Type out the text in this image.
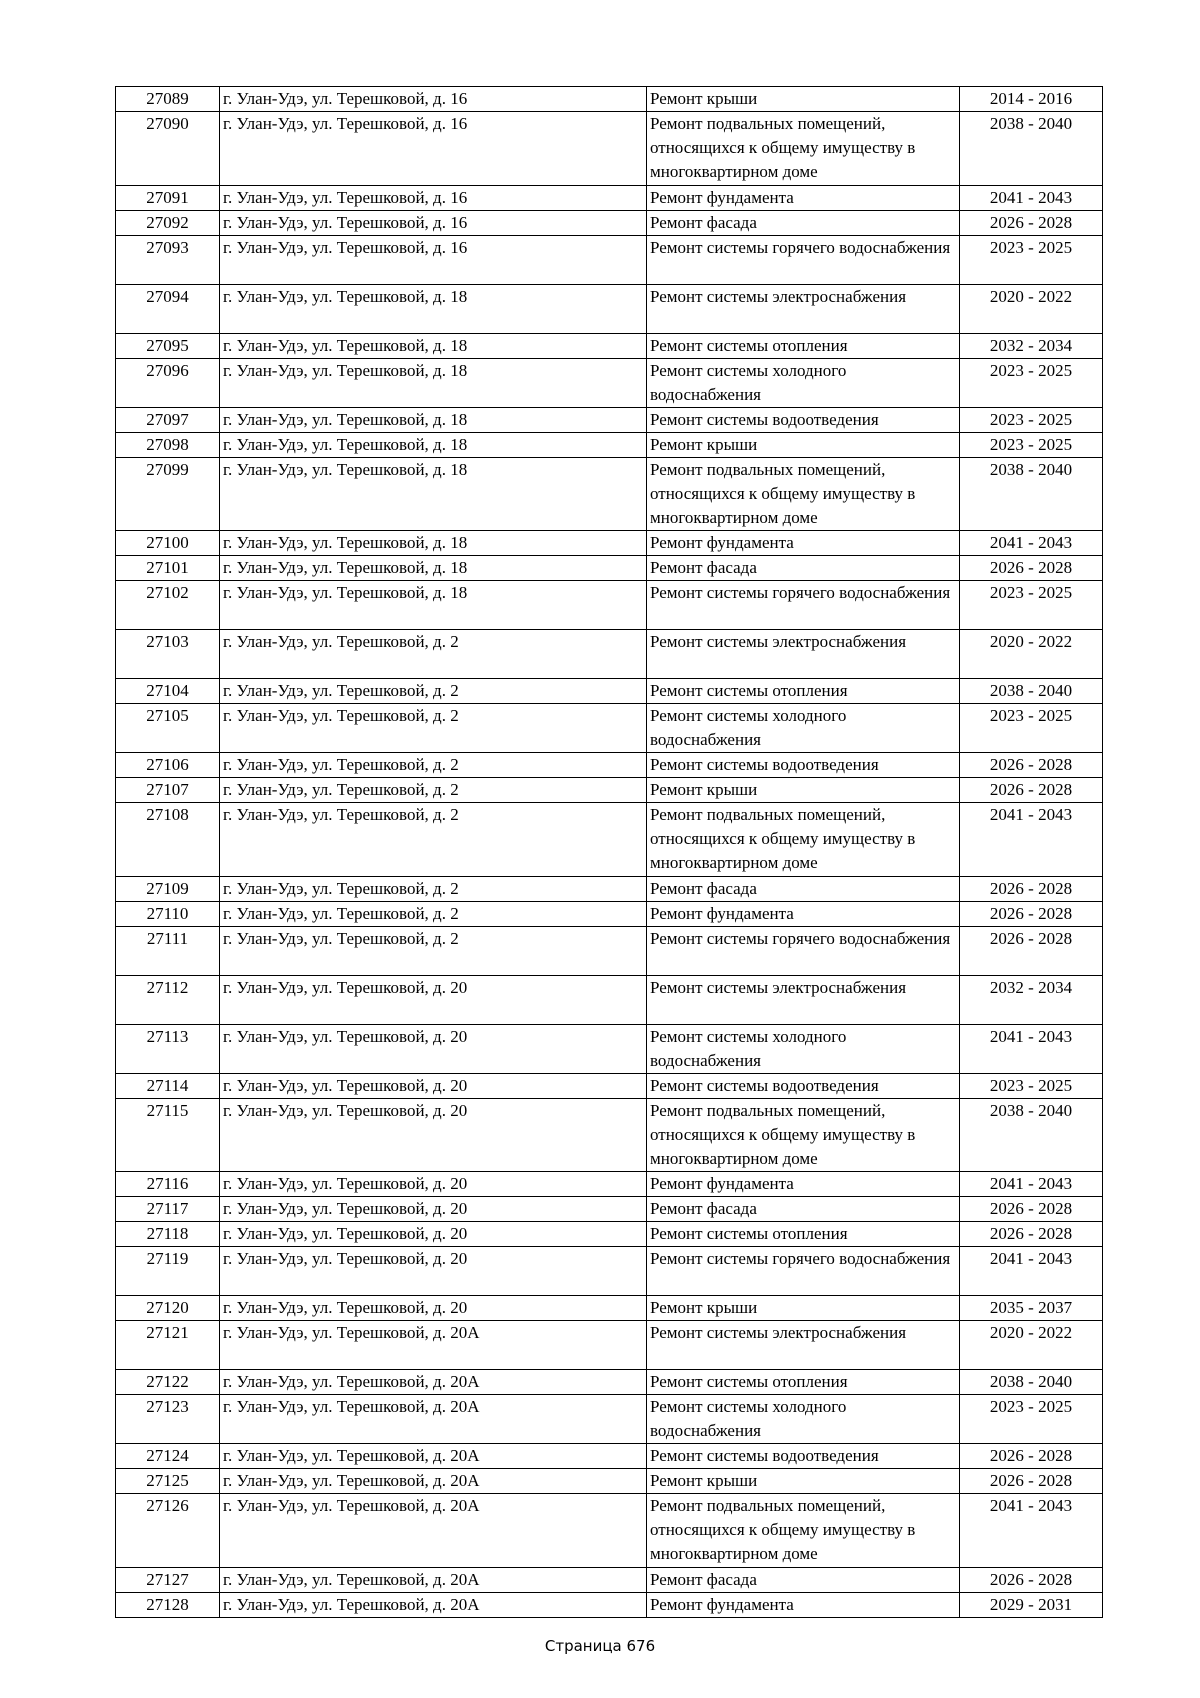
27089	г. Улан-Удэ, ул. Терешковой, д. 16	Ремонт крыши	2014 - 2016
27090	г. Улан-Удэ, ул. Терешковой, д. 16	Ремонт подвальных помещений, относящихся к общему имуществу в многоквартирном доме	2038 - 2040
27091	г. Улан-Удэ, ул. Терешковой, д. 16	Ремонт фундамента	2041 - 2043
27092	г. Улан-Удэ, ул. Терешковой, д. 16	Ремонт фасада	2026 - 2028
27093	г. Улан-Удэ, ул. Терешковой, д. 16	Ремонт системы горячего водоснабжения	2023 - 2025
27094	г. Улан-Удэ, ул. Терешковой, д. 18	Ремонт системы электроснабжения	2020 - 2022
27095	г. Улан-Удэ, ул. Терешковой, д. 18	Ремонт системы отопления	2032 - 2034
27096	г. Улан-Удэ, ул. Терешковой, д. 18	Ремонт системы холодного водоснабжения	2023 - 2025
27097	г. Улан-Удэ, ул. Терешковой, д. 18	Ремонт системы водоотведения	2023 - 2025
27098	г. Улан-Удэ, ул. Терешковой, д. 18	Ремонт крыши	2023 - 2025
27099	г. Улан-Удэ, ул. Терешковой, д. 18	Ремонт подвальных помещений, относящихся к общему имуществу в многоквартирном доме	2038 - 2040
27100	г. Улан-Удэ, ул. Терешковой, д. 18	Ремонт фундамента	2041 - 2043
27101	г. Улан-Удэ, ул. Терешковой, д. 18	Ремонт фасада	2026 - 2028
27102	г. Улан-Удэ, ул. Терешковой, д. 18	Ремонт системы горячего водоснабжения	2023 - 2025
27103	г. Улан-Удэ, ул. Терешковой, д. 2	Ремонт системы электроснабжения	2020 - 2022
27104	г. Улан-Удэ, ул. Терешковой, д. 2	Ремонт системы отопления	2038 - 2040
27105	г. Улан-Удэ, ул. Терешковой, д. 2	Ремонт системы холодного водоснабжения	2023 - 2025
27106	г. Улан-Удэ, ул. Терешковой, д. 2	Ремонт системы водоотведения	2026 - 2028
27107	г. Улан-Удэ, ул. Терешковой, д. 2	Ремонт крыши	2026 - 2028
27108	г. Улан-Удэ, ул. Терешковой, д. 2	Ремонт подвальных помещений, относящихся к общему имуществу в многоквартирном доме	2041 - 2043
27109	г. Улан-Удэ, ул. Терешковой, д. 2	Ремонт фасада	2026 - 2028
27110	г. Улан-Удэ, ул. Терешковой, д. 2	Ремонт фундамента	2026 - 2028
27111	г. Улан-Удэ, ул. Терешковой, д. 2	Ремонт системы горячего водоснабжения	2026 - 2028
27112	г. Улан-Удэ, ул. Терешковой, д. 20	Ремонт системы электроснабжения	2032 - 2034
27113	г. Улан-Удэ, ул. Терешковой, д. 20	Ремонт системы холодного водоснабжения	2041 - 2043
27114	г. Улан-Удэ, ул. Терешковой, д. 20	Ремонт системы водоотведения	2023 - 2025
27115	г. Улан-Удэ, ул. Терешковой, д. 20	Ремонт подвальных помещений, относящихся к общему имуществу в многоквартирном доме	2038 - 2040
27116	г. Улан-Удэ, ул. Терешковой, д. 20	Ремонт фундамента	2041 - 2043
27117	г. Улан-Удэ, ул. Терешковой, д. 20	Ремонт фасада	2026 - 2028
27118	г. Улан-Удэ, ул. Терешковой, д. 20	Ремонт системы отопления	2026 - 2028
27119	г. Улан-Удэ, ул. Терешковой, д. 20	Ремонт системы горячего водоснабжения	2041 - 2043
27120	г. Улан-Удэ, ул. Терешковой, д. 20	Ремонт крыши	2035 - 2037
27121	г. Улан-Удэ, ул. Терешковой, д. 20А	Ремонт системы электроснабжения	2020 - 2022
27122	г. Улан-Удэ, ул. Терешковой, д. 20А	Ремонт системы отопления	2038 - 2040
27123	г. Улан-Удэ, ул. Терешковой, д. 20А	Ремонт системы холодного водоснабжения	2023 - 2025
27124	г. Улан-Удэ, ул. Терешковой, д. 20А	Ремонт системы водоотведения	2026 - 2028
27125	г. Улан-Удэ, ул. Терешковой, д. 20А	Ремонт крыши	2026 - 2028
27126	г. Улан-Удэ, ул. Терешковой, д. 20А	Ремонт подвальных помещений, относящихся к общему имуществу в многоквартирном доме	2041 - 2043
27127	г. Улан-Удэ, ул. Терешковой, д. 20А	Ремонт фасада	2026 - 2028
27128	г. Улан-Удэ, ул. Терешковой, д. 20А	Ремонт фундамента	2029 - 2031
Страница 676
